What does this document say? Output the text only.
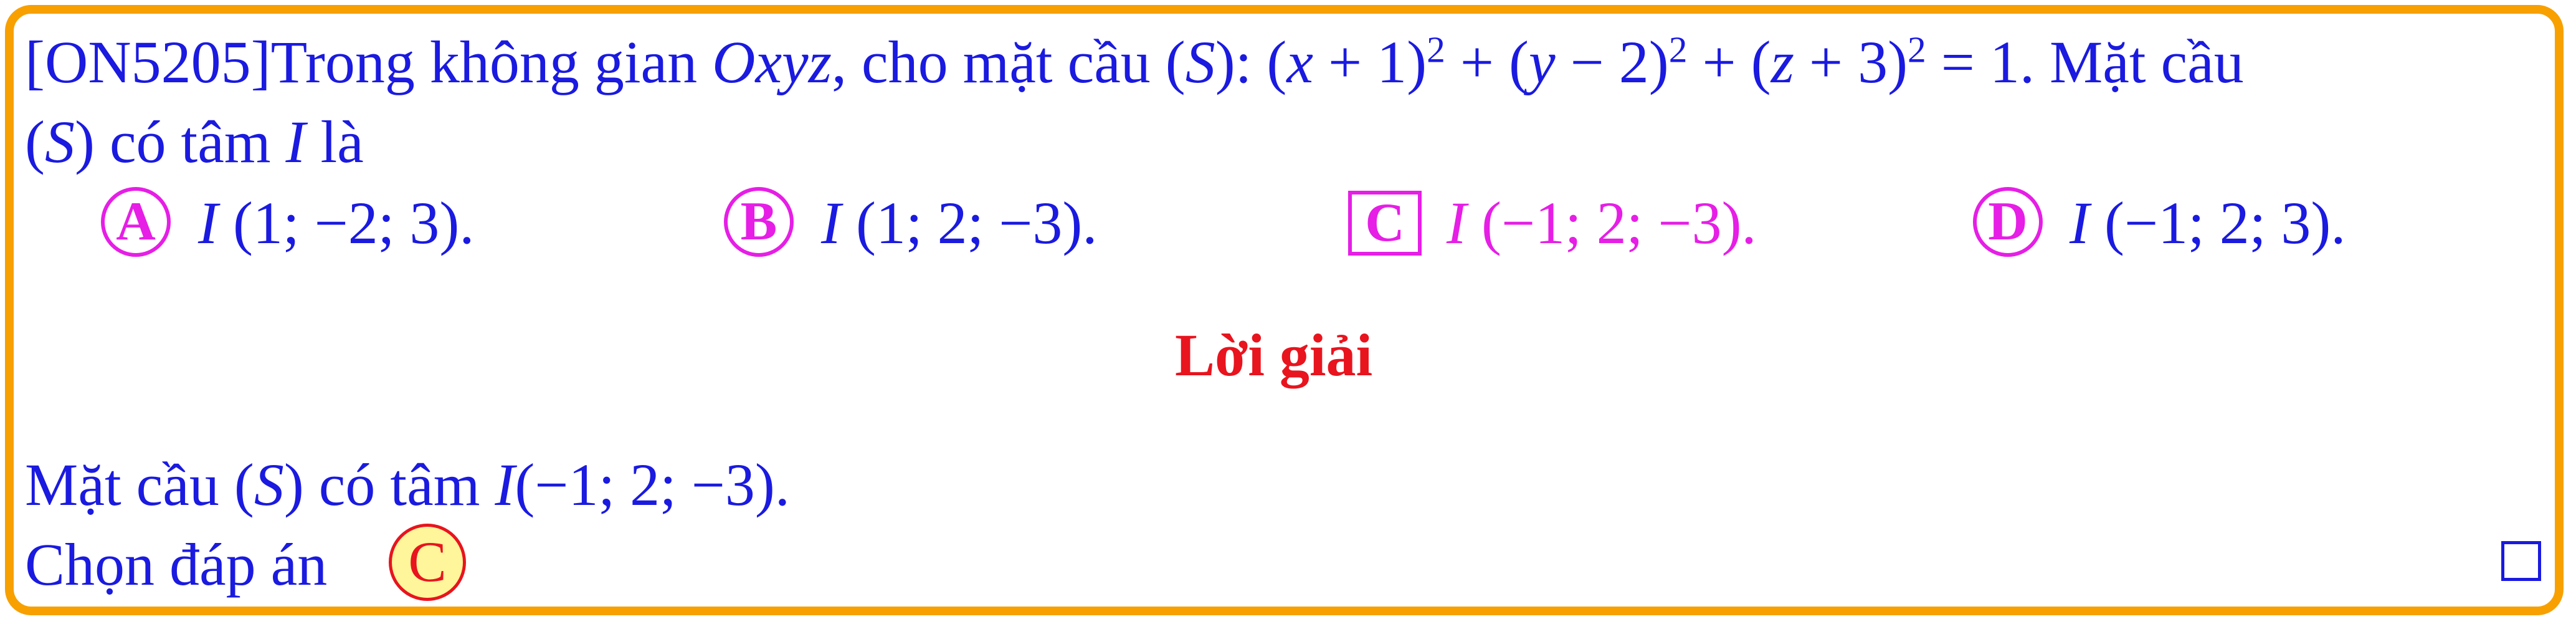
[ON5205]Trong không gian Oxyz, cho mặt cầu (S): $(x + 1)^2 + (y - 2)^2 + (z + 3)^2 = 1$. Mặt cầu
(S) có tâm I là
A I (1; −2; 3).	B I (1; 2; −3).	C I (−1; 2; −3).	D I (−1; 2; 3).
Lời giải
Mặt cầu (S) có tâm I(−1; 2; −3).
Chọn đáp án	C
